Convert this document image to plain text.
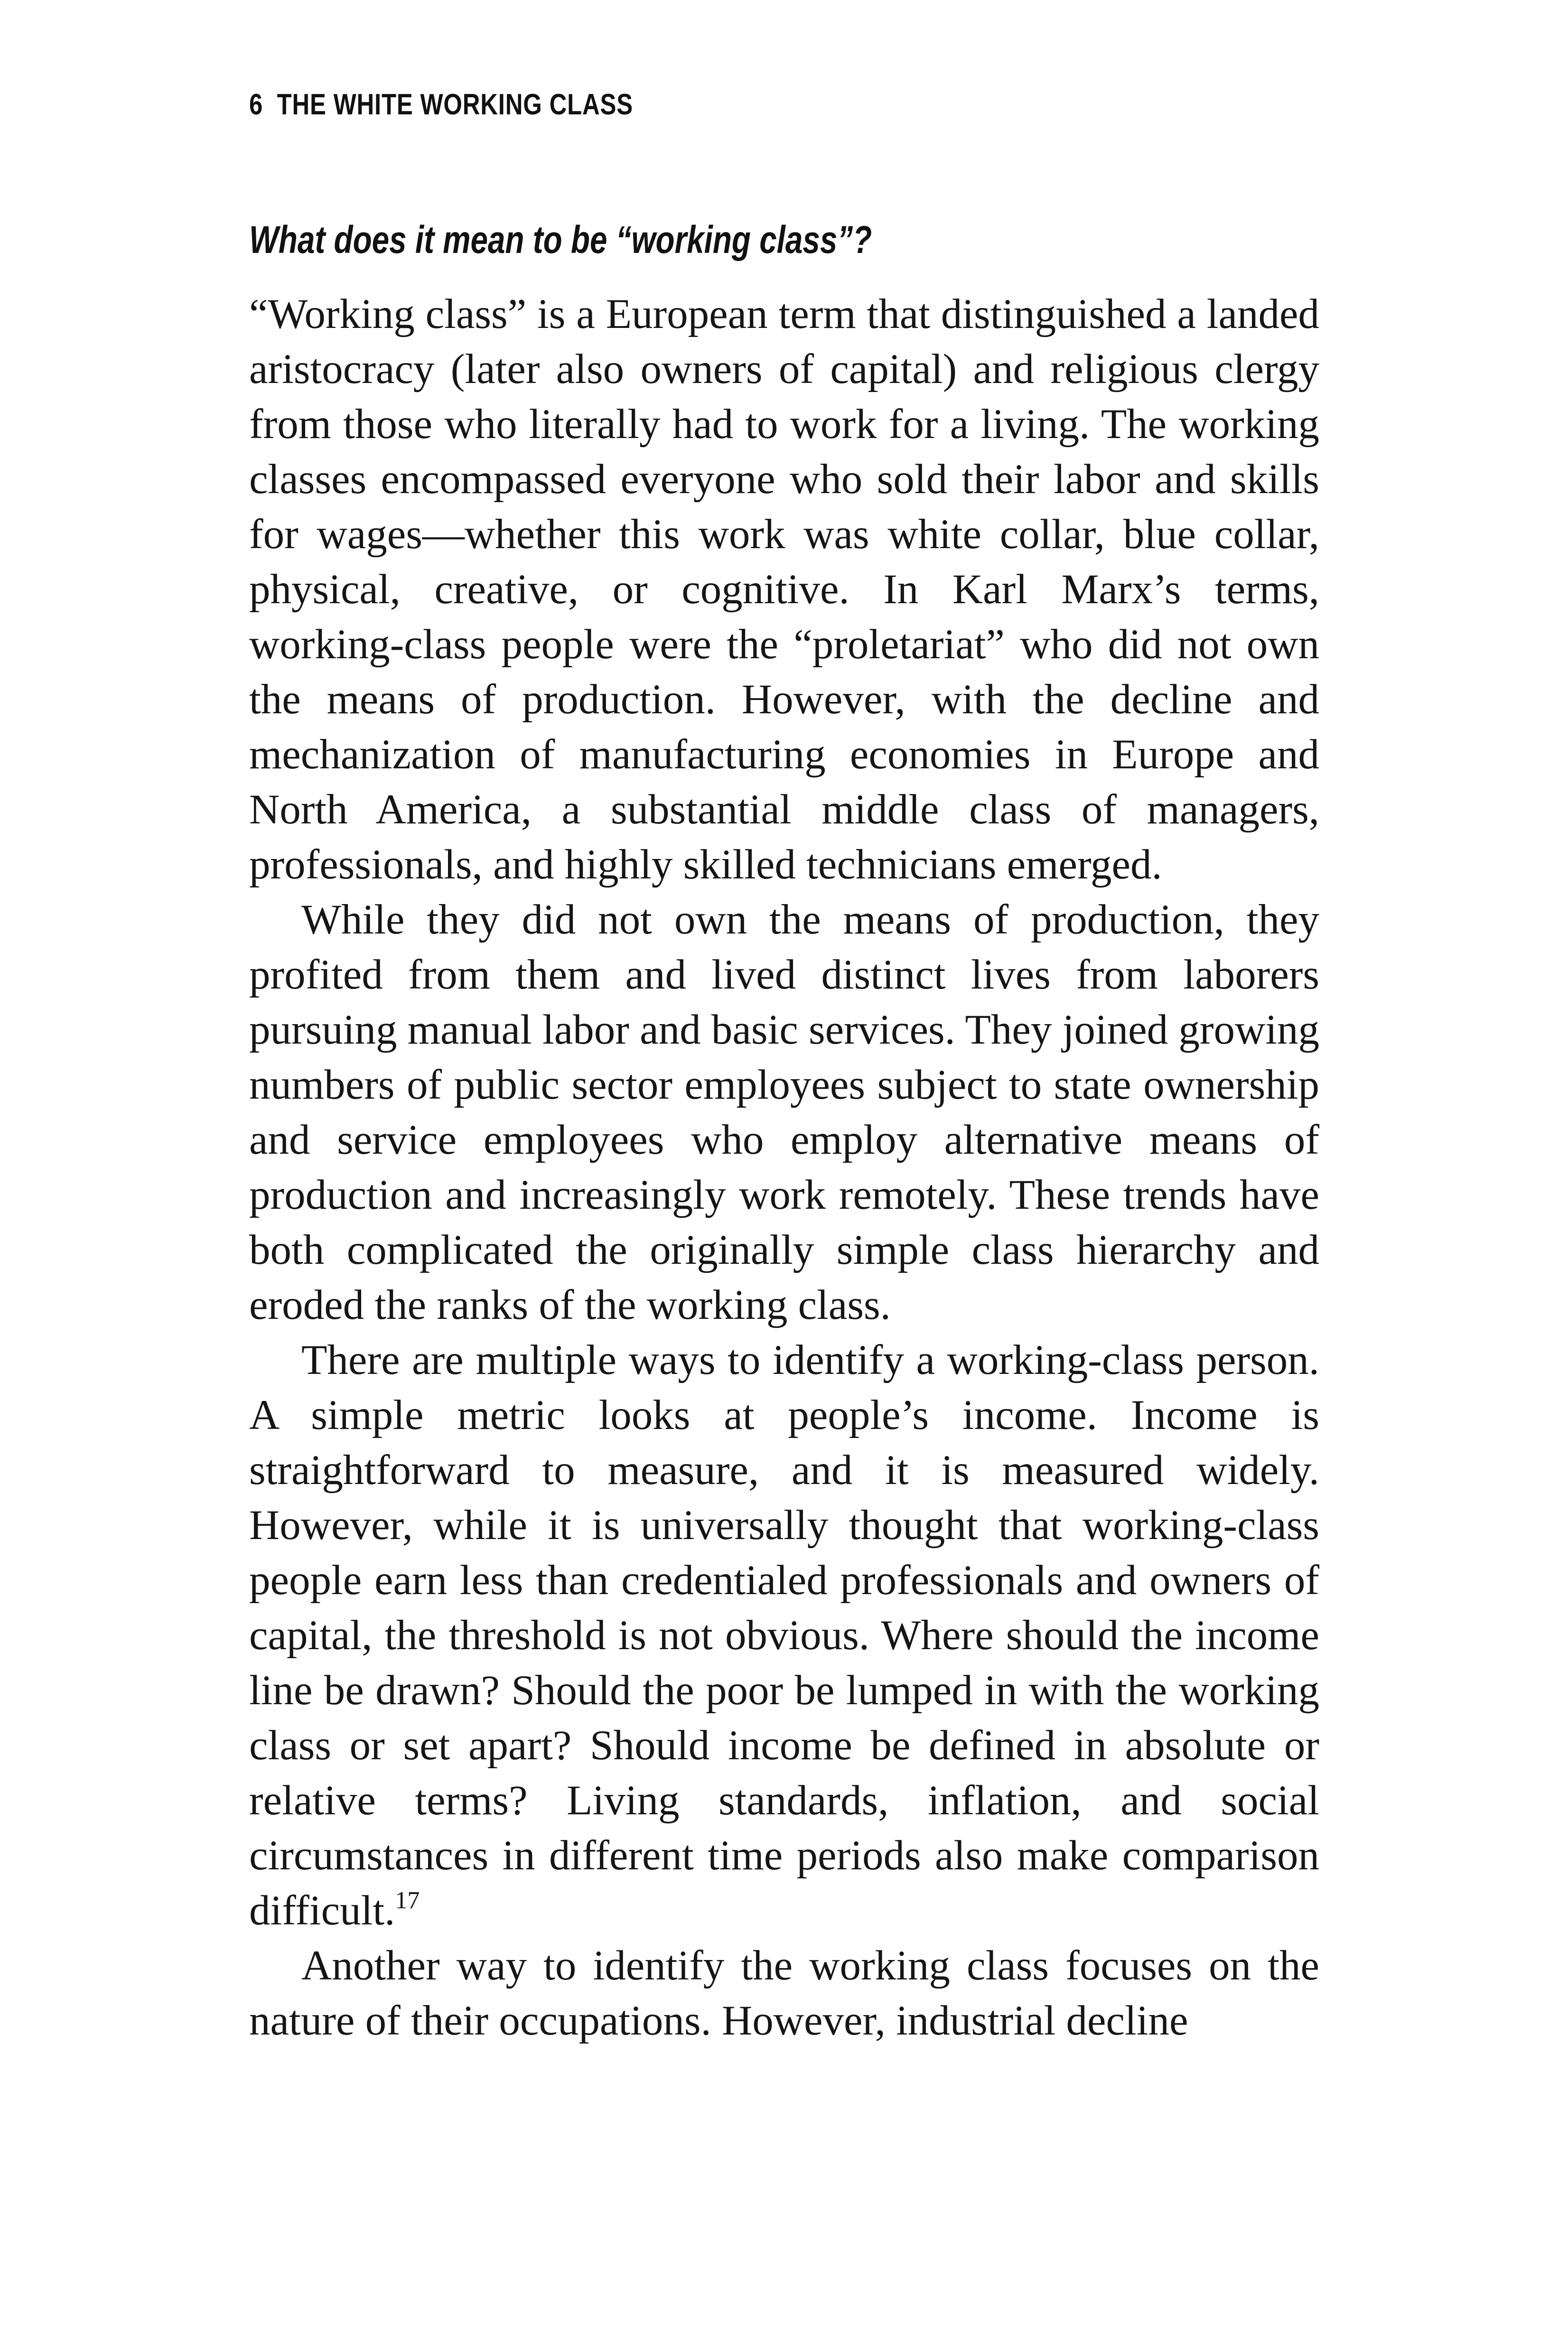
6 THE WHITE WORKING CLASS
What does it mean to be “working class”?

“Working class” is a European term that distinguished a landed aristocracy (later also owners of capital) and religious clergy from those who literally had to work for a living. The working classes encompassed everyone who sold their labor and skills for wages—whether this work was white collar, blue collar, physical, creative, or cognitive. In Karl Marx’s terms, working-class people were the “proletariat” who did not own the means of production. However, with the decline and mechanization of manufacturing economies in Europe and North America, a substantial middle class of managers, professionals, and highly skilled technicians emerged.

While they did not own the means of production, they profited from them and lived distinct lives from laborers pursuing manual labor and basic services. They joined growing numbers of public sector employees subject to state ownership and service employees who employ alternative means of production and increasingly work remotely. These trends have both complicated the originally simple class hierarchy and eroded the ranks of the working class.

There are multiple ways to identify a working-class person. A simple metric looks at people’s income. Income is straightforward to measure, and it is measured widely. However, while it is universally thought that working-class people earn less than credentialed professionals and owners of capital, the threshold is not obvious. Where should the income line be drawn? Should the poor be lumped in with the working class or set apart? Should income be defined in absolute or relative terms? Living standards, inflation, and social circumstances in different time periods also make comparison difficult.$^{17}$

Another way to identify the working class focuses on the nature of their occupations. However, industrial decline
